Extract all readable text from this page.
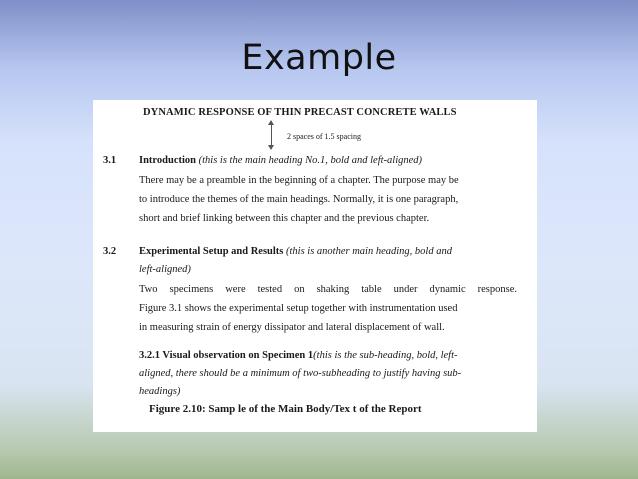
Example
DYNAMIC RESPONSE OF THIN PRECAST CONCRETE WALLS
2 spaces of 1.5 spacing
3.1 Introduction (this is the main heading No.1, bold and left-aligned)
There may be a preamble in the beginning of a chapter. The purpose may be
to introduce the themes of the main headings. Normally, it is one paragraph,
short and brief linking between this chapter and the previous chapter.
3.2 Experimental Setup and Results (this is another main heading, bold and
left-aligned)
Two specimens were tested on shaking table under dynamic response.
Figure 3.1 shows the experimental setup together with instrumentation used
in measuring strain of energy dissipator and lateral displacement of wall.
3.2.1 Visual observation on Specimen 1(this is the sub-heading, bold, left-
aligned, there should be a minimum of two-subheading to justify having sub-
headings)
Figure 2.10: Samp le of the Main Body/Tex t of the Report
